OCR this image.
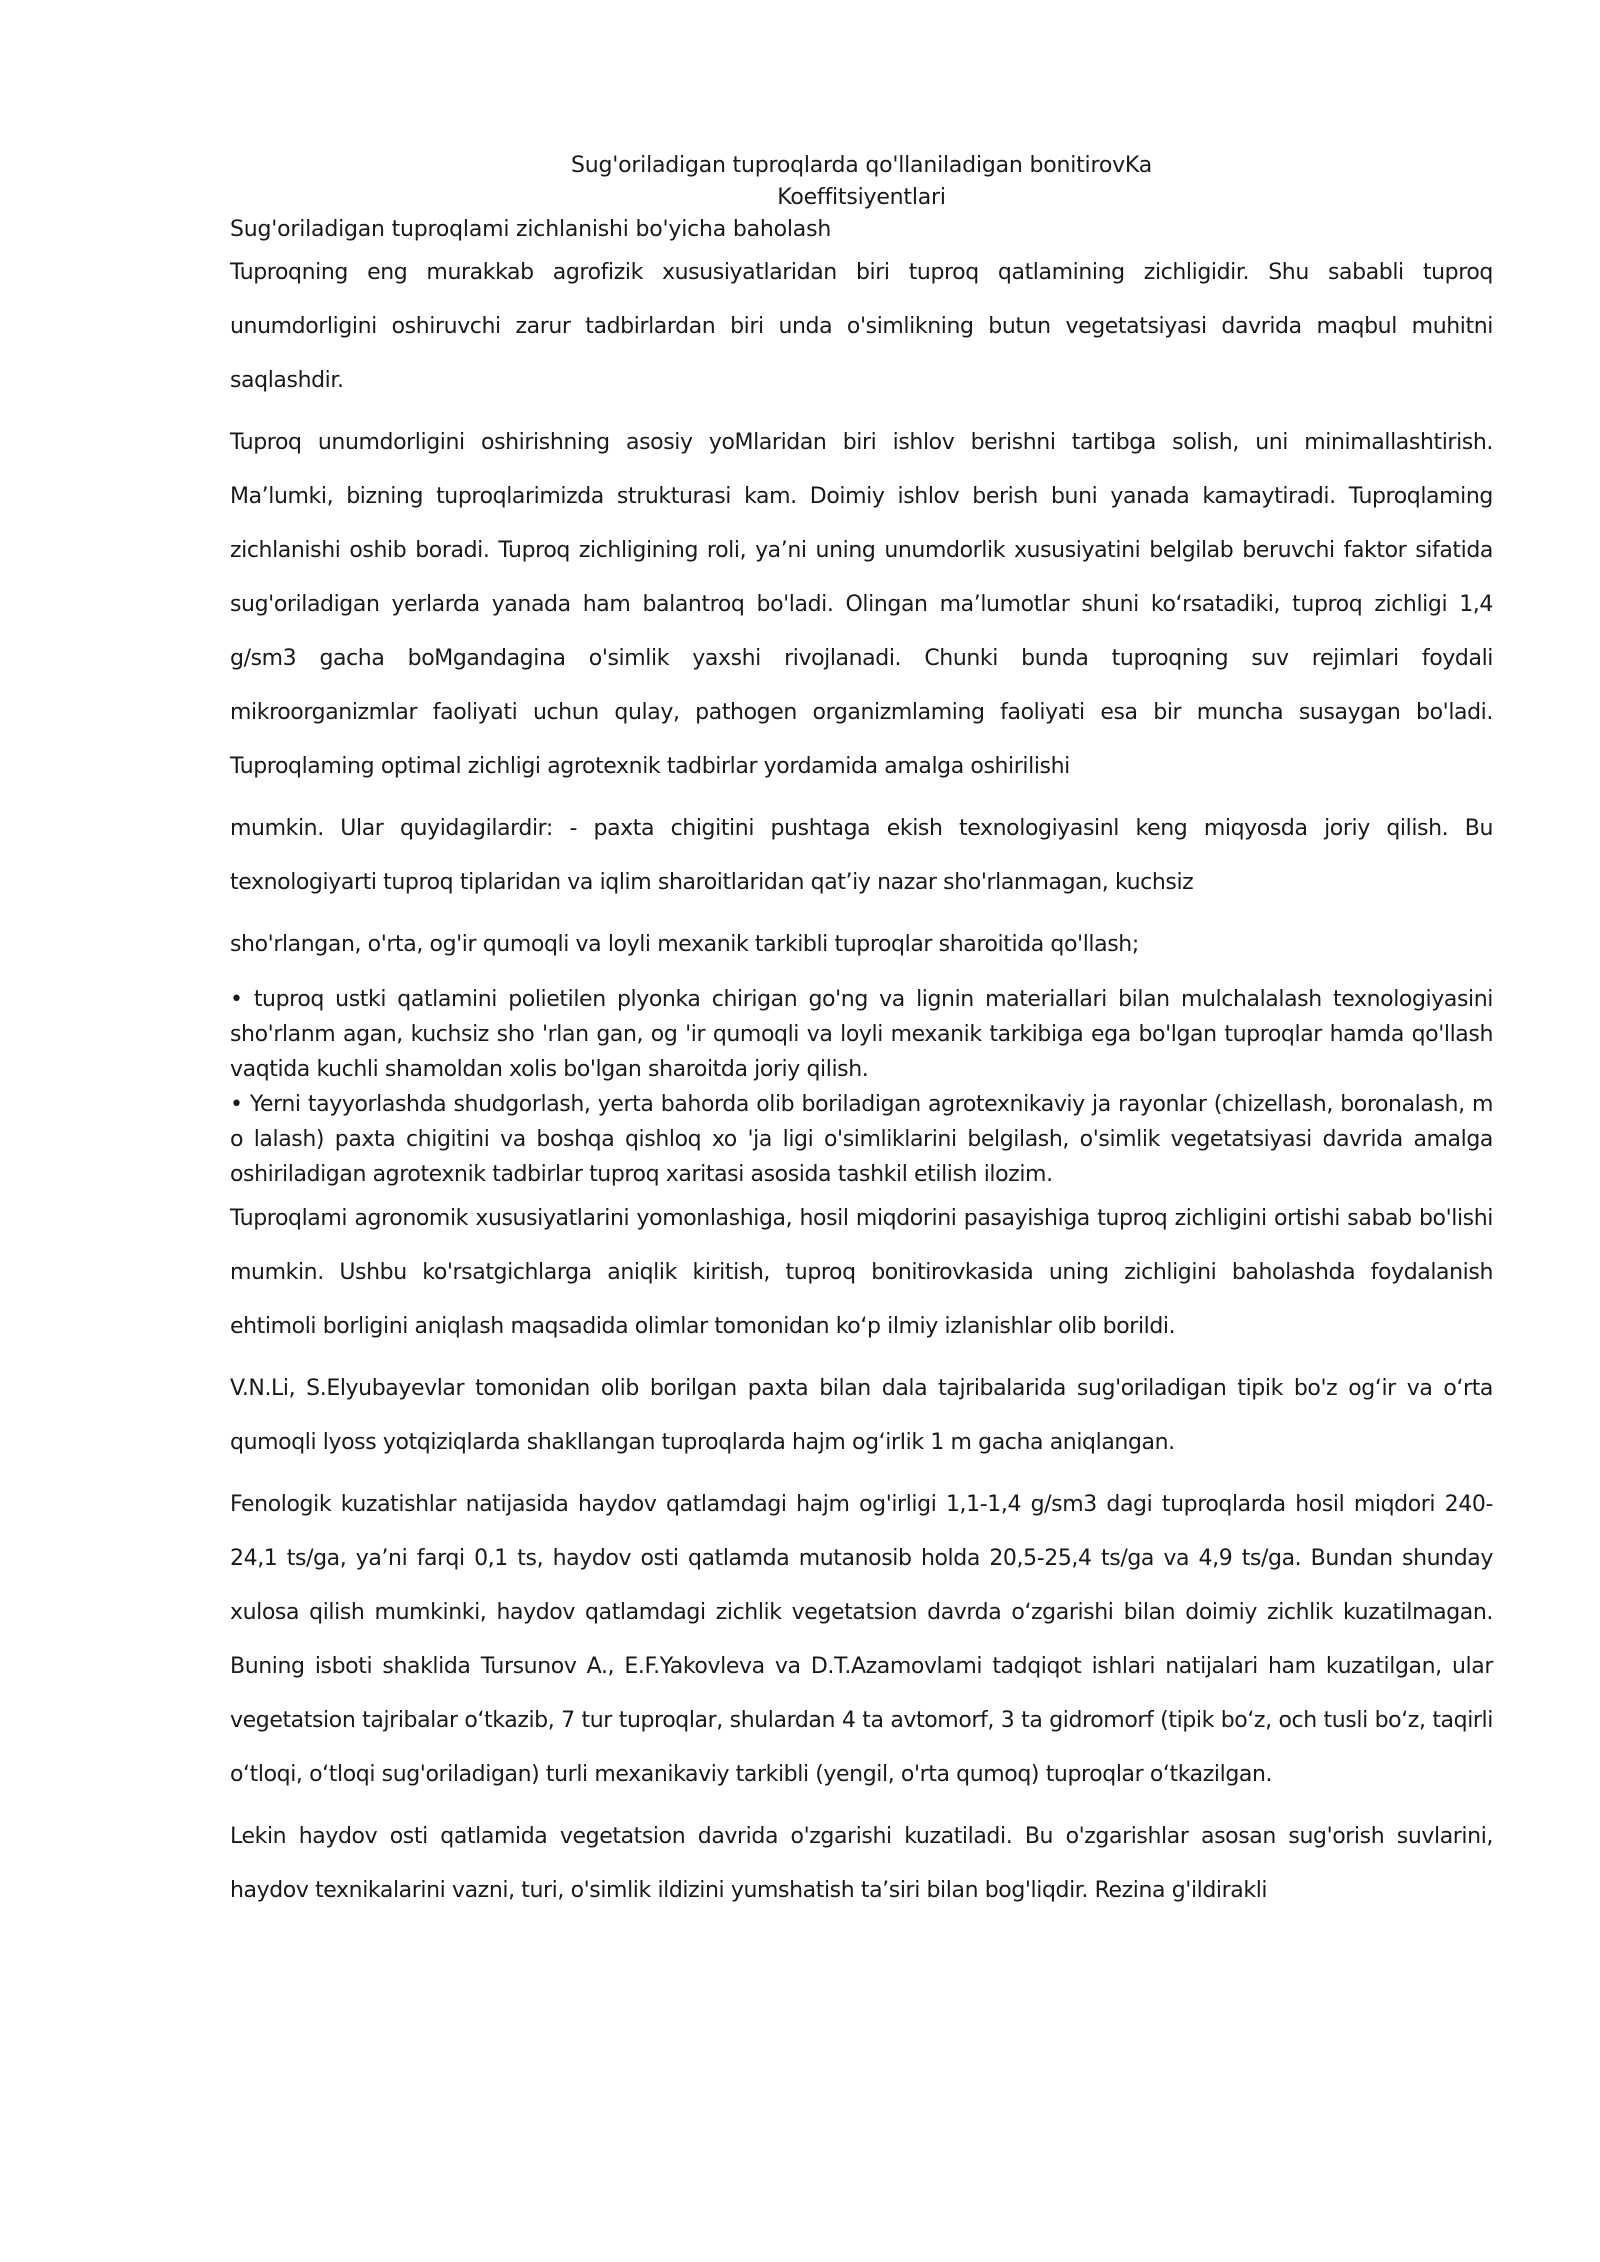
Sug'oriladigan tuproqlarda qo'llaniladigan bonitirovKa
Koeffitsiyentlari

Sug'oriladigan tuproqlami zichlanishi bo'yicha baholash

Tuproqning eng murakkab agrofizik xususiyatlaridan biri tuproq qatlamining zichligidir. Shu sababli tuproq unumdorligini oshiruvchi zarur tadbirlardan biri unda o'simlikning butun vegetatsiyasi davrida maqbul muhitni saqlashdir.

Tuproq unumdorligini oshirishning asosiy yoMlaridan biri ishlov berishni tartibga solish, uni minimallashtirish. Ma’lumki, bizning tuproqlarimizda strukturasi kam. Doimiy ishlov berish buni yanada kamaytiradi. Tuproqlaming zichlanishi oshib boradi. Tuproq zichligining roli, ya’ni uning unumdorlik xususiyatini belgilab beruvchi faktor sifatida sug'oriladigan yerlarda yanada ham balantroq bo'ladi. Olingan ma’lumotlar shuni ko‘rsatadiki, tuproq zichligi 1,4 g/sm3 gacha boMgandagina o'simlik yaxshi rivojlanadi. Chunki bunda tuproqning suv rejimlari foydali mikroorganizmlar faoliyati uchun qulay, pathogen organizmlaming faoliyati esa bir muncha susaygan bo'ladi. Tuproqlaming optimal zichligi agrotexnik tadbirlar yordamida amalga oshirilishi

mumkin. Ular quyidagilardir: - paxta chigitini pushtaga ekish texnologiyasinl keng miqyosda joriy qilish. Bu texnologiyarti tuproq tiplaridan va iqlim sharoitlaridan qat’iy nazar sho'rlanmagan, kuchsiz

sho'rlangan, o'rta, og'ir qumoqli va loyli mexanik tarkibli tuproqlar sharoitida qo'llash;

• tuproq ustki qatlamini polietilen plyonka chirigan go'ng va lignin materiallari bilan mulchalalash texnologiyasini sho'rlanm agan, kuchsiz sho 'rlan gan, og 'ir qumoqli va loyli mexanik tarkibiga ega bo'lgan tuproqlar hamda qo'llash vaqtida kuchli shamoldan xolis bo'lgan sharoitda joriy qilish.

• Yerni tayyorlashda shudgorlash, yerta bahorda olib boriladigan agrotexnikaviy ja rayonlar (chizellash, boronalash, m o lalash) paxta chigitini va boshqa qishloq xo 'ja ligi o'simliklarini belgilash, o'simlik vegetatsiyasi davrida amalga oshiriladigan agrotexnik tadbirlar tuproq xaritasi asosida tashkil etilish ilozim.

Tuproqlami agronomik xususiyatlarini yomonlashiga, hosil miqdorini pasayishiga tuproq zichligini ortishi sabab bo'lishi mumkin. Ushbu ko'rsatgichlarga aniqlik kiritish, tuproq bonitirovkasida uning zichligini baholashda foydalanish ehtimoli borligini aniqlash maqsadida olimlar tomonidan ko‘p ilmiy izlanishlar olib borildi.

V.N.Li, S.Elyubayevlar tomonidan olib borilgan paxta bilan dala tajribalarida sug'oriladigan tipik bo'z og‘ir va o‘rta qumoqli lyoss yotqiziqlarda shakllangan tuproqlarda hajm og‘irIik 1 m gacha aniqlangan.

Fenologik kuzatishlar natijasida haydov qatlamdagi hajm og'irligi 1,1-1,4 g/sm3 dagi tuproqlarda hosil miqdori 240-24,1 ts/ga, ya’ni farqi 0,1 ts, haydov osti qatlamda mutanosib holda 20,5-25,4 ts/ga va 4,9 ts/ga. Bundan shunday xulosa qilish mumkinki, haydov qatlamdagi zichlik vegetatsion davrda o‘zgarishi bilan doimiy zichlik kuzatilmagan. Buning isboti shaklida Tursunov A., E.F.Yakovleva va D.T.Azamovlami tadqiqot ishlari natijalari ham kuzatilgan, ular vegetatsion tajribalar o‘tkazib, 7 tur tuproqlar, shulardan 4 ta avtomorf, 3 ta gidromorf (tipik bo‘z, och tusli bo‘z, taqirli o‘tloqi, o‘tloqi sug'oriladigan) turli mexanikaviy tarkibli (yengil, o'rta qumoq) tuproqlar o‘tkazilgan.

Lekin haydov osti qatlamida vegetatsion davrida o'zgarishi kuzatiladi. Bu o'zgarishlar asosan sug'orish suvlarini, haydov texnikalarini vazni, turi, o'simlik ildizini yumshatish ta’siri bilan bog'liqdir. Rezina g'ildirakli
